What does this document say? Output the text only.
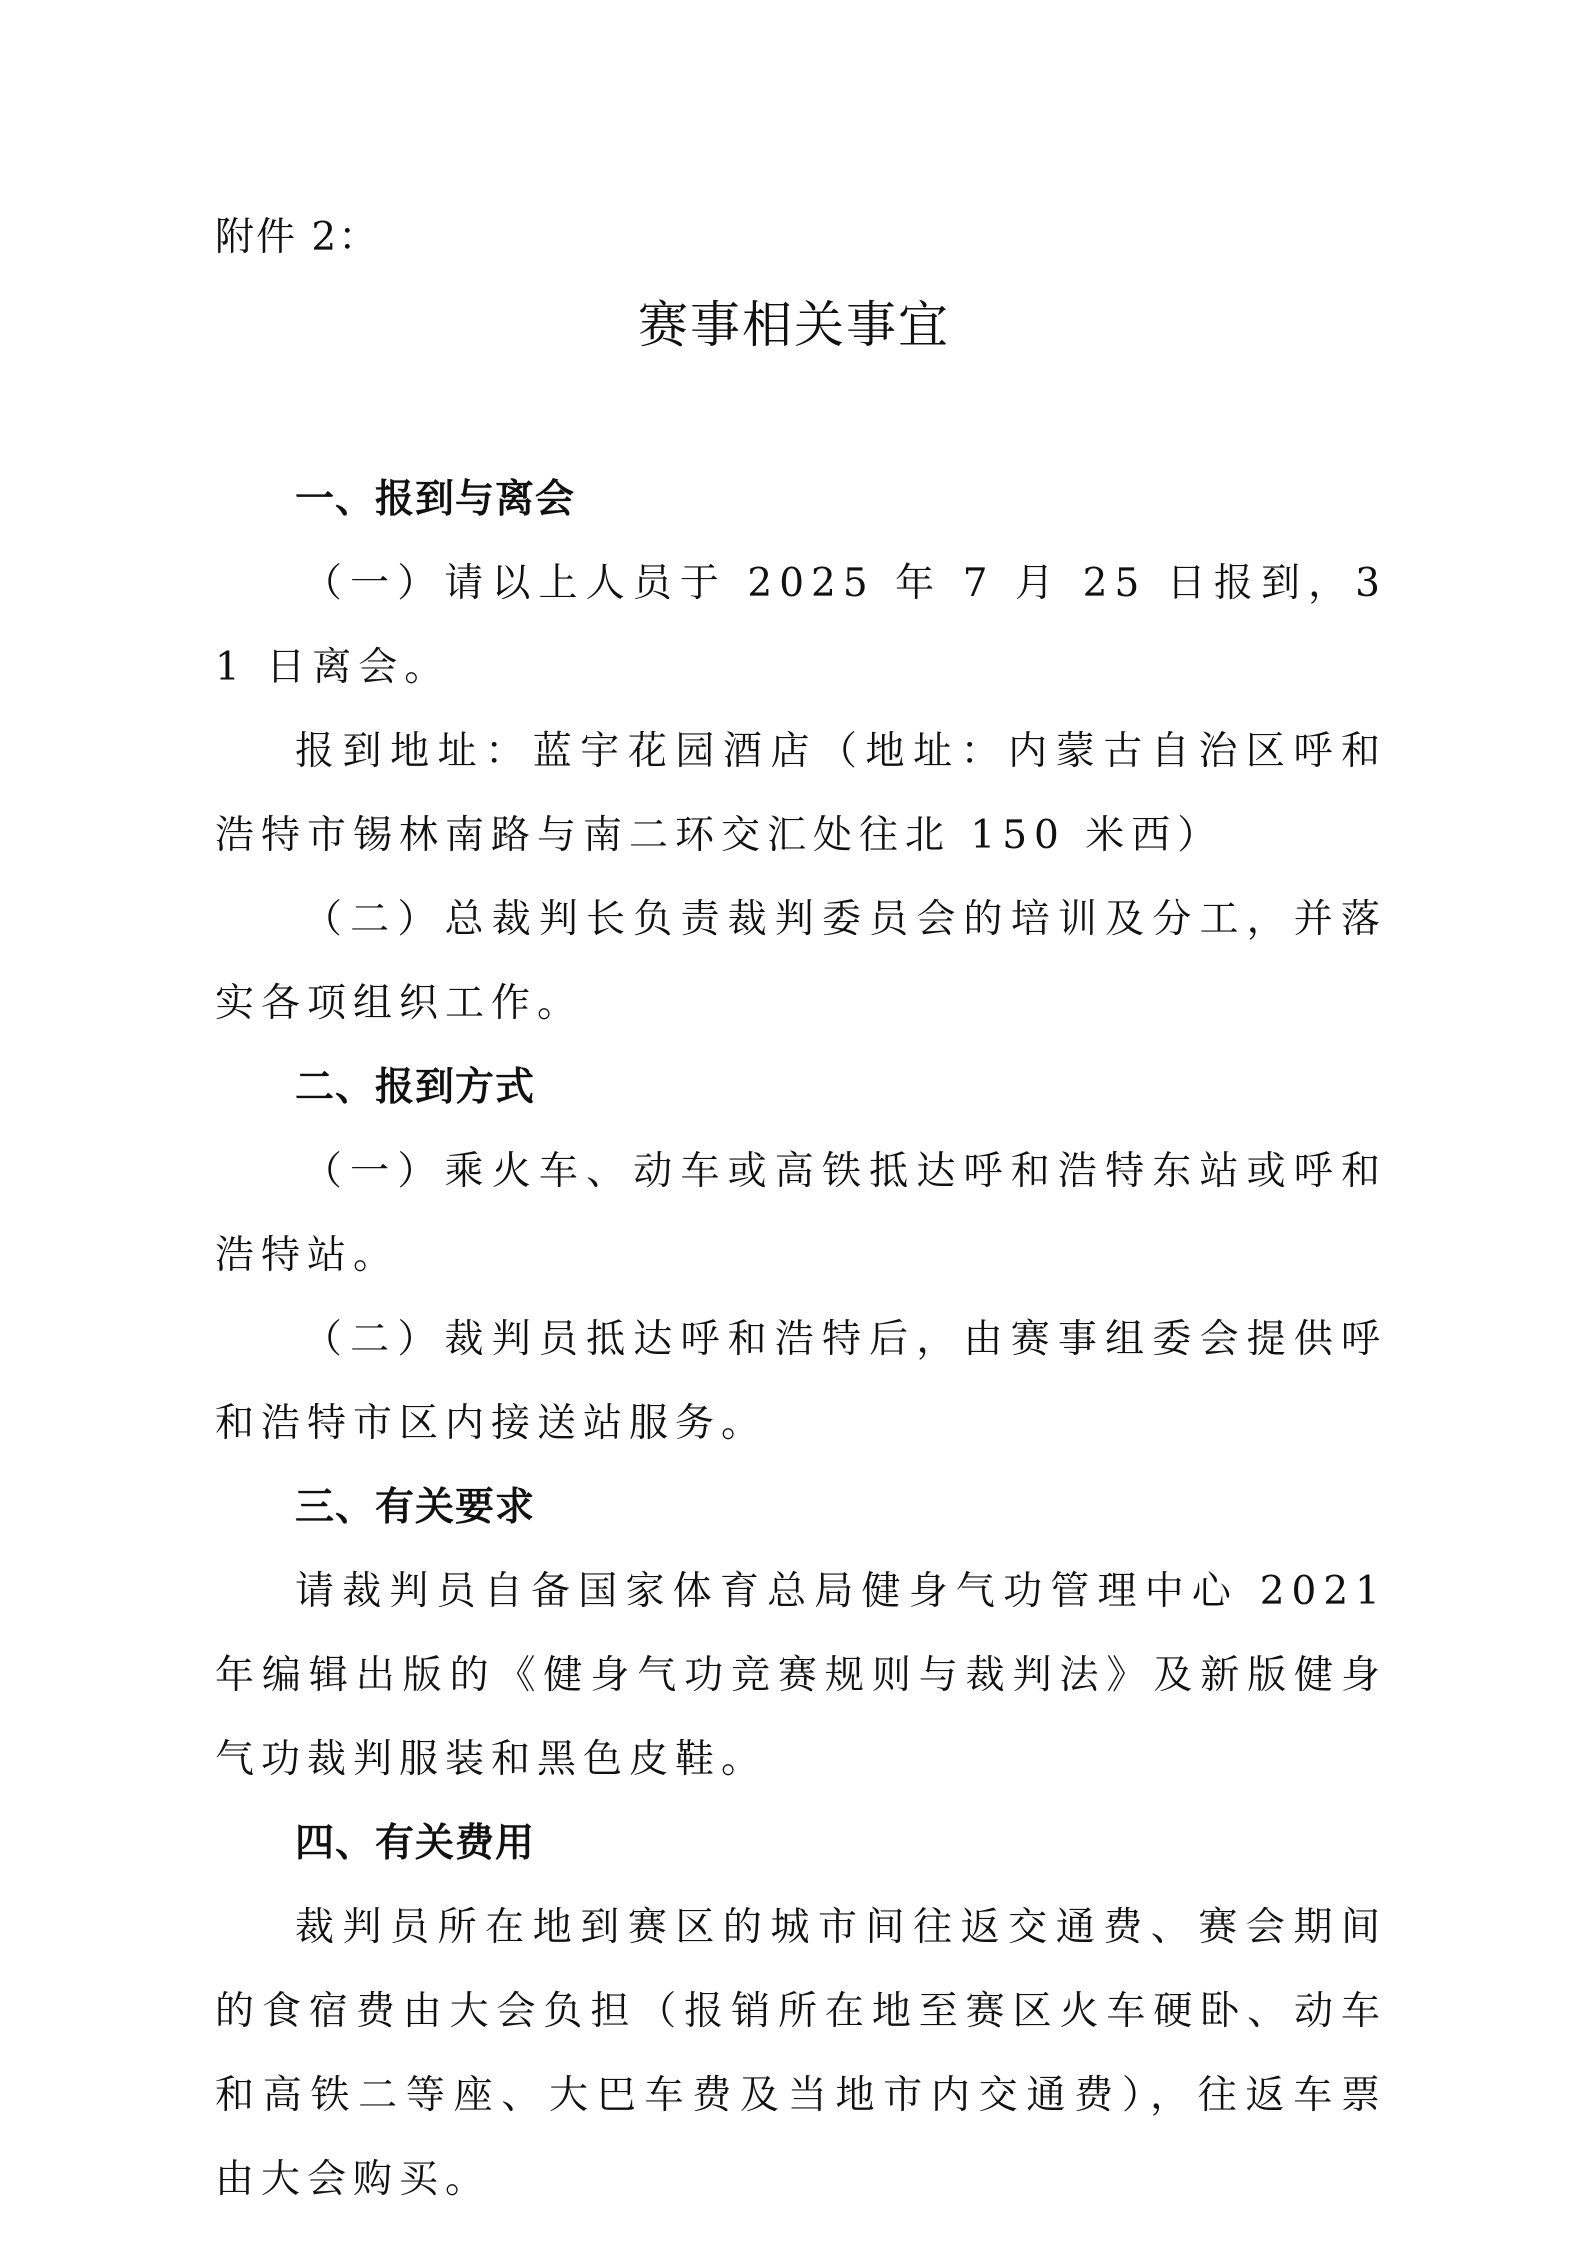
附件 2：
赛事相关事宜
一、报到与离会

（一）请以上人员于 2025 年 7 月 25 日报到，31 日离会。

报到地址：蓝宇花园酒店（地址：内蒙古自治区呼和浩特市锡林南路与南二环交汇处往北 150 米西）

（二）总裁判长负责裁判委员会的培训及分工，并落实各项组织工作。

二、报到方式

（一）乘火车、动车或高铁抵达呼和浩特东站或呼和浩特站。

（二）裁判员抵达呼和浩特后，由赛事组委会提供呼和浩特市区内接送站服务。

三、有关要求

请裁判员自备国家体育总局健身气功管理中心 2021 年编辑出版的《健身气功竞赛规则与裁判法》及新版健身气功裁判服装和黑色皮鞋。

四、有关费用

裁判员所在地到赛区的城市间往返交通费、赛会期间的食宿费由大会负担（报销所在地至赛区火车硬卧、动车和高铁二等座、大巴车费及当地市内交通费），往返车票由大会购买。
